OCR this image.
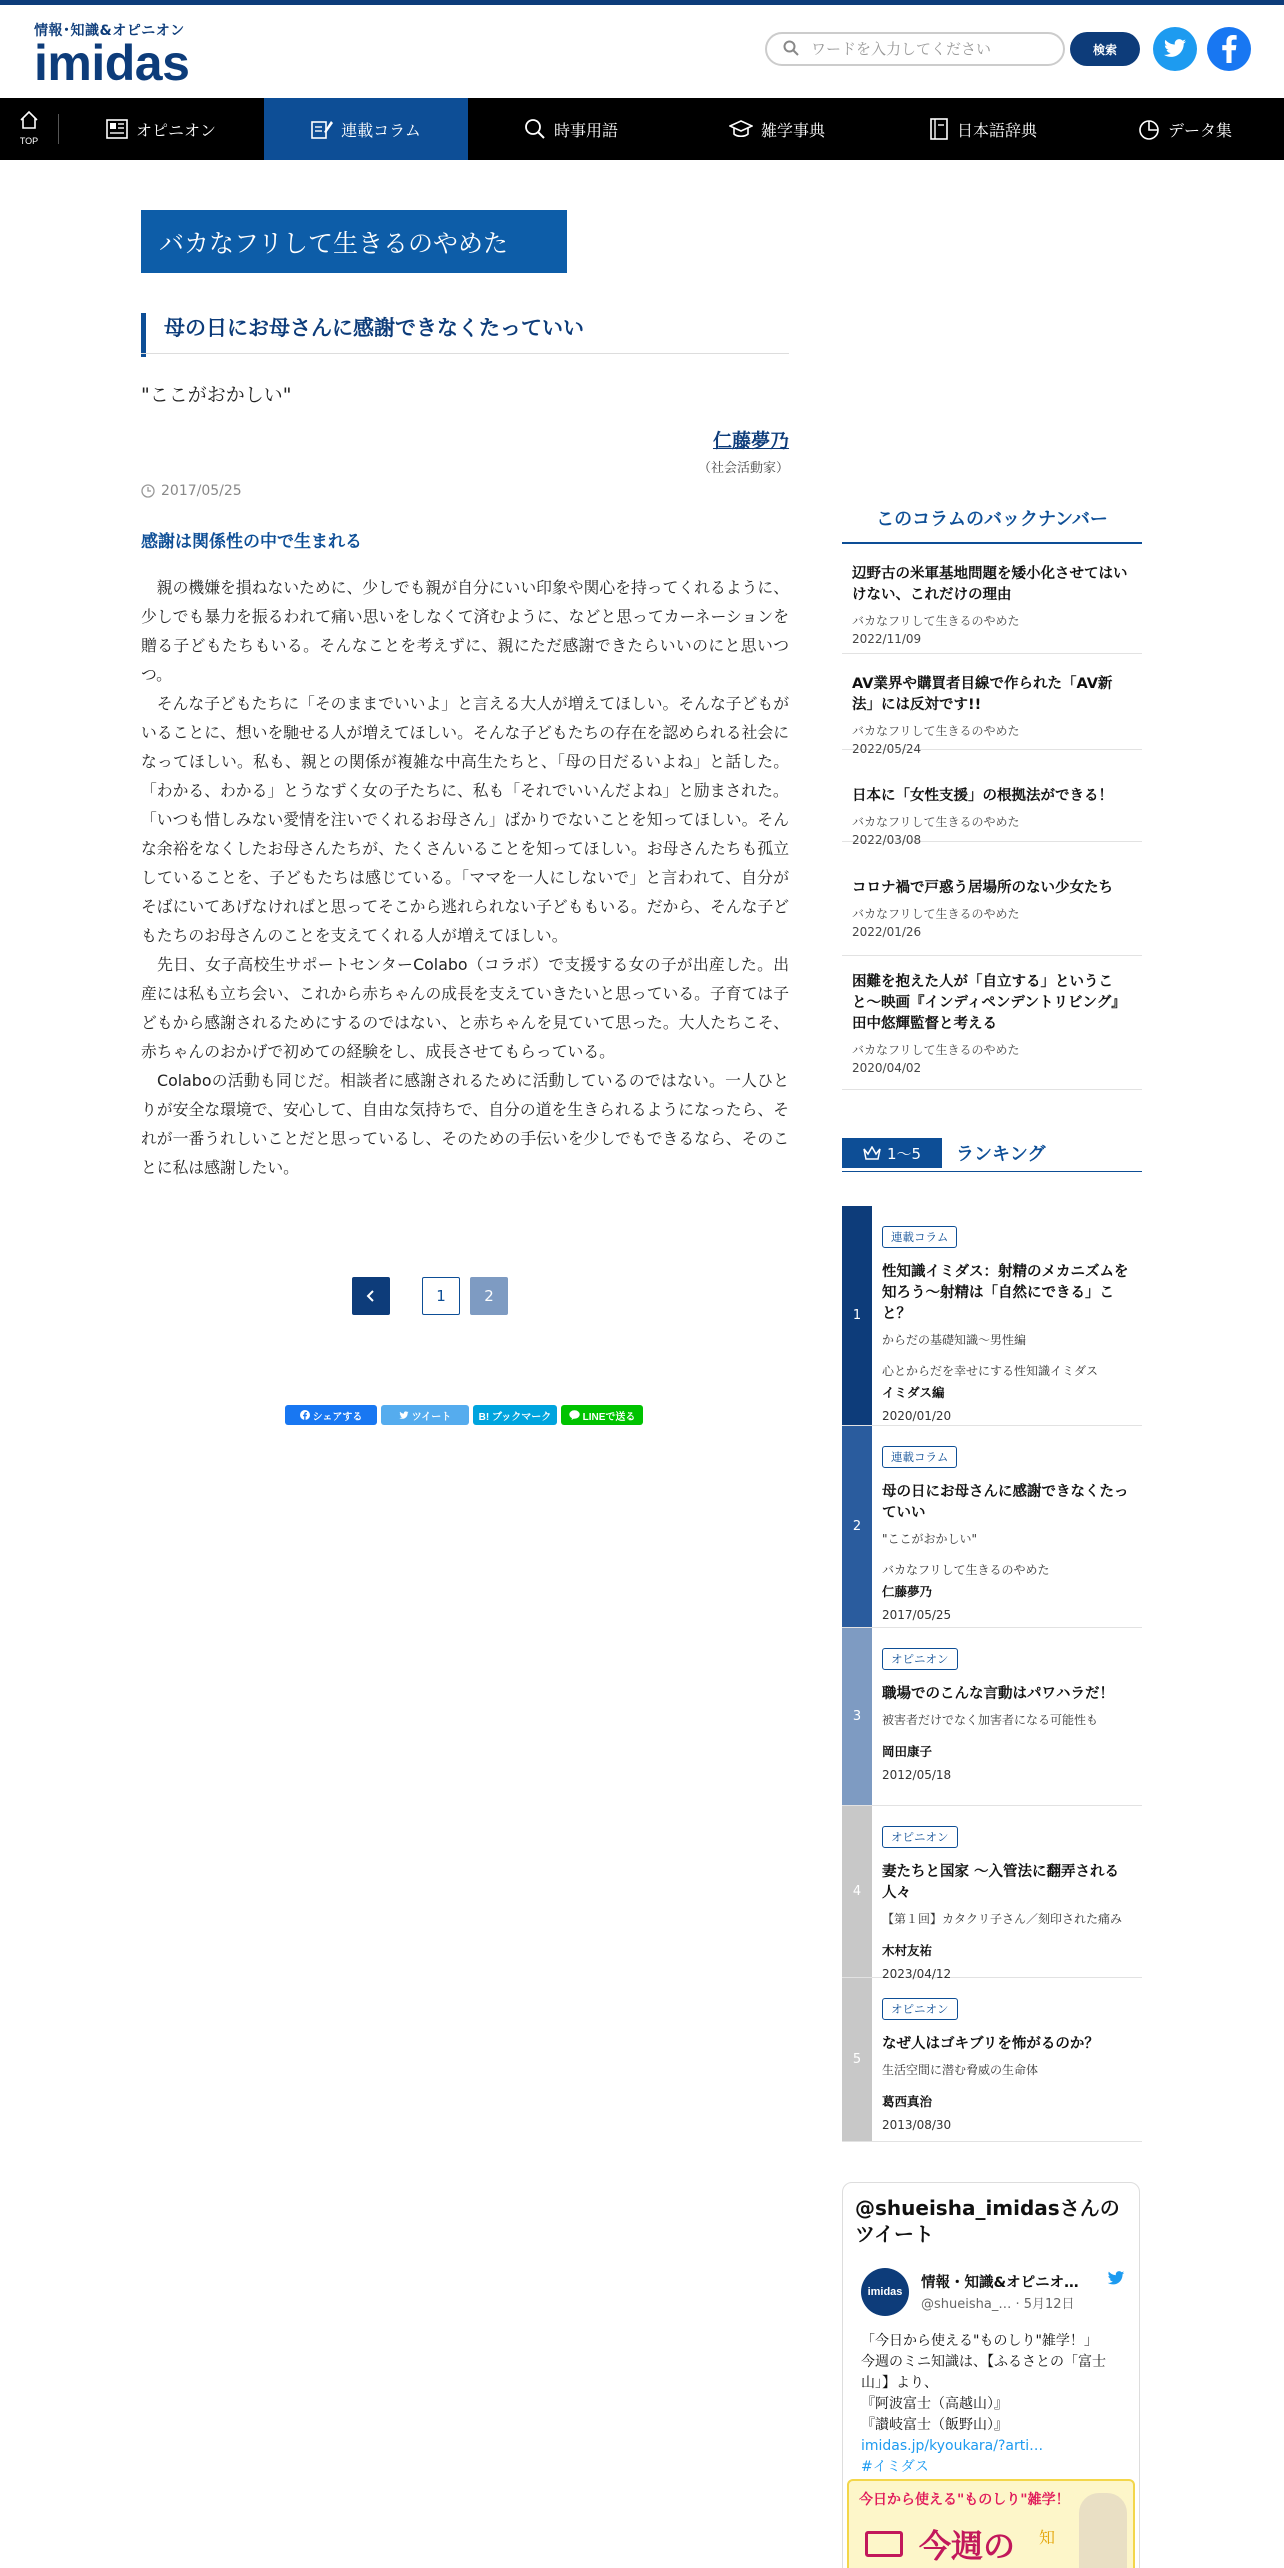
情報･知識&オピニオン
imidas
ワードを入力してください	検索
TOP
オピニオン	連載コラム	時事用語	雑学事典	日本語辞典	データ集
バカなフリして生きるのやめた
母の日にお母さんに感謝できなくたっていい
"ここがおかしい"
仁藤夢乃
（社会活動家）
2017/05/25
感謝は関係性の中で生まれる

　親の機嫌を損ねないために、少しでも親が自分にいい印象や関心を持ってくれるように、少しでも暴力を振るわれて痛い思いをしなくて済むように、などと思ってカーネーションを贈る子どもたちもいる。そんなことを考えずに、親にただ感謝できたらいいのにと思いつつ。

　そんな子どもたちに「そのままでいいよ」と言える大人が増えてほしい。そんな子どもがいることに、想いを馳せる人が増えてほしい。そんな子どもたちの存在を認められる社会になってほしい。私も、親との関係が複雑な中高生たちと、「母の日だるいよね」と話した。「わかる、わかる」とうなずく女の子たちに、私も「それでいいんだよね」と励まされた。

「いつも惜しみない愛情を注いでくれるお母さん」ばかりでないことを知ってほしい。そんな余裕をなくしたお母さんたちが、たくさんいることを知ってほしい。お母さんたちも孤立していることを、子どもたちは感じている。「ママを一人にしないで」と言われて、自分がそばにいてあげなければと思ってそこから逃れられない子どももいる。だから、そんな子どもたちのお母さんのことを支えてくれる人が増えてほしい。

　先日、女子高校生サポートセンターColabo（コラボ）で支援する女の子が出産した。出産には私も立ち会い、これから赤ちゃんの成長を支えていきたいと思っている。子育ては子どもから感謝されるためにするのではない、と赤ちゃんを見ていて思った。大人たちこそ、赤ちゃんのおかげで初めての経験をし、成長させてもらっている。

　Colaboの活動も同じだ。相談者に感謝されるために活動しているのではない。一人ひとりが安全な環境で、安心して、自由な気持ちで、自分の道を生きられるようになったら、それが一番うれしいことだと思っているし、そのための手伝いを少しでもできるなら、そのことに私は感謝したい。

1	2
シェアする	ツイート	B! ブックマーク	LINEで送る
このコラムのバックナンバー
辺野古の米軍基地問題を矮小化させてはいけない、これだけの理由
バカなフリして生きるのやめた
2022/11/09
AV業界や購買者目線で作られた「AV新法」には反対です!!
バカなフリして生きるのやめた
2022/05/24
日本に「女性支援」の根拠法ができる！
バカなフリして生きるのやめた
2022/03/08
コロナ禍で戸惑う居場所のない少女たち
バカなフリして生きるのやめた
2022/01/26
困難を抱えた人が「自立する」ということ〜映画『インディペンデントリビング』田中悠輝監督と考える
バカなフリして生きるのやめた
2020/04/02
1～5 ランキング
1
連載コラム
性知識イミダス：射精のメカニズムを知ろう～射精は「自然にできる」こと？
からだの基礎知識～男性編
心とからだを幸せにする性知識イミダス
イミダス編
2020/01/20
2
連載コラム
母の日にお母さんに感謝できなくたっていい
"ここがおかしい"
バカなフリして生きるのやめた
仁藤夢乃
2017/05/25
3
オピニオン
職場でのこんな言動はパワハラだ！
被害者だけでなく加害者になる可能性も
岡田康子
2012/05/18
4
オピニオン
妻たちと国家 〜入管法に翻弄される人々
【第１回】カタクリ子さん／刻印された痛み
木村友祐
2023/04/12
5
オピニオン
なぜ人はゴキブリを怖がるのか？
生活空間に潜む脅威の生命体
葛西真治
2013/08/30
@shueisha_imidasさんのツイート
imidas
情報・知識&オピニオ…
@shueisha_… · 5月12日
「今日から使える"ものしり"雑学！」
今週のミニ知識は、【ふるさとの「富士山」】より、
『阿波富士（高越山）』
『讃岐富士（飯野山）』
imidas.jp/kyoukara/?arti…
#イミダス
今日から使える"ものしり"雑学！
今週の 知
